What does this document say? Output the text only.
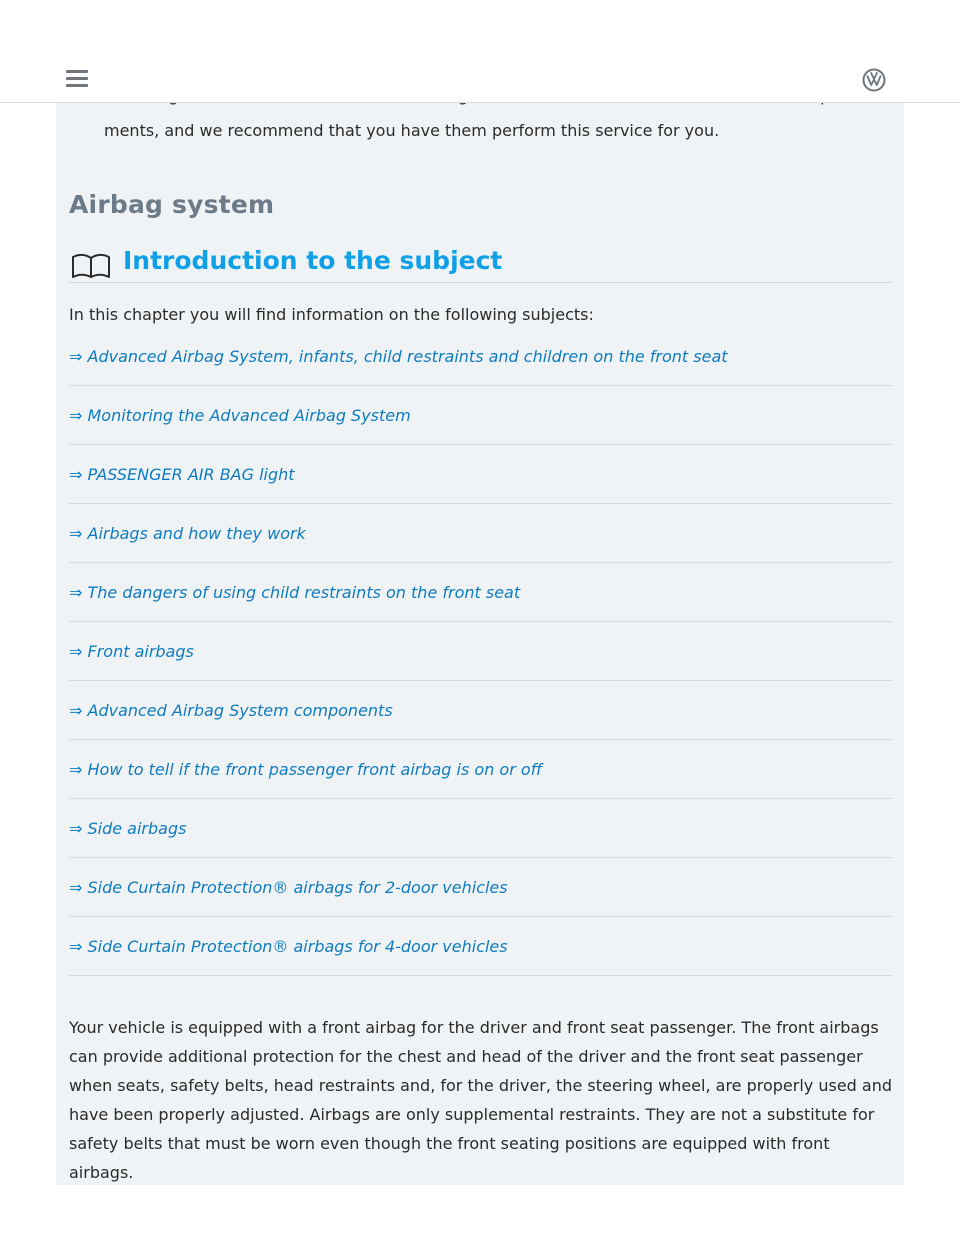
ments, and we recommend that you have them perform this service for you.
Airbag system
Introduction to the subject
In this chapter you will find information on the following subjects:
⇒ Advanced Airbag System, infants, child restraints and children on the front seat
⇒ Monitoring the Advanced Airbag System
⇒ PASSENGER AIR BAG light
⇒ Airbags and how they work
⇒ The dangers of using child restraints on the front seat
⇒ Front airbags
⇒ Advanced Airbag System components
⇒ How to tell if the front passenger front airbag is on or off
⇒ Side airbags
⇒ Side Curtain Protection® airbags for 2-door vehicles
⇒ Side Curtain Protection® airbags for 4-door vehicles

Your vehicle is equipped with a front airbag for the driver and front seat passenger. The front airbags can provide additional protection for the chest and head of the driver and the front seat passenger when seats, safety belts, head restraints and, for the driver, the steering wheel, are properly used and have been properly adjusted. Airbags are only supplemental restraints. They are not a substitute for safety belts that must be worn even though the front seating positions are equipped with front airbags.
